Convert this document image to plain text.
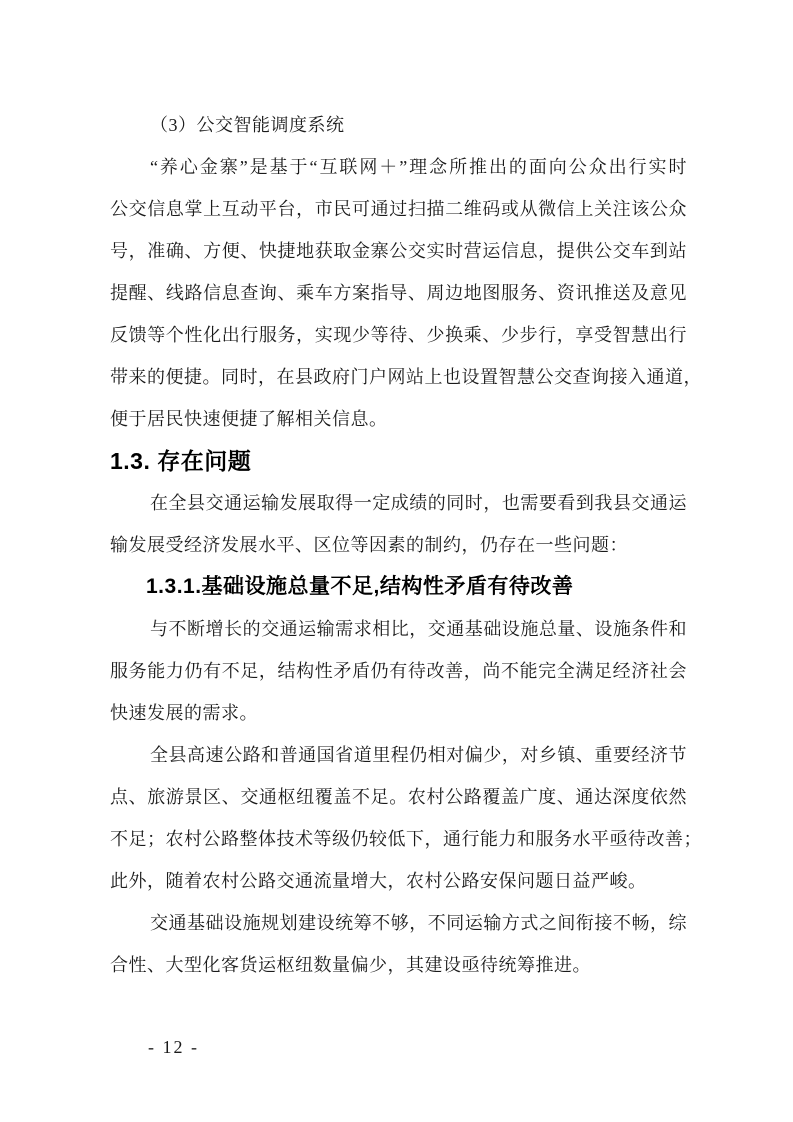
（3）公交智能调度系统
“养心金寨”是基于“互联网＋”理念所推出的面向公众出行实时
公交信息掌上互动平台，市民可通过扫描二维码或从微信上关注该公众
号，准确、方便、快捷地获取金寨公交实时营运信息，提供公交车到站
提醒、线路信息查询、乘车方案指导、周边地图服务、资讯推送及意见
反馈等个性化出行服务，实现少等待、少换乘、少步行，享受智慧出行
带来的便捷。同时，在县政府门户网站上也设置智慧公交查询接入通道，
便于居民快速便捷了解相关信息。
1.3. 存在问题
在全县交通运输发展取得一定成绩的同时，也需要看到我县交通运
输发展受经济发展水平、区位等因素的制约，仍存在一些问题：
1.3.1.基础设施总量不足,结构性矛盾有待改善
与不断增长的交通运输需求相比，交通基础设施总量、设施条件和
服务能力仍有不足，结构性矛盾仍有待改善，尚不能完全满足经济社会
快速发展的需求。
全县高速公路和普通国省道里程仍相对偏少，对乡镇、重要经济节
点、旅游景区、交通枢纽覆盖不足。农村公路覆盖广度、通达深度依然
不足；农村公路整体技术等级仍较低下，通行能力和服务水平亟待改善；
此外，随着农村公路交通流量增大，农村公路安保问题日益严峻。
交通基础设施规划建设统筹不够，不同运输方式之间衔接不畅，综
合性、大型化客货运枢纽数量偏少，其建设亟待统筹推进。
- 12 -
